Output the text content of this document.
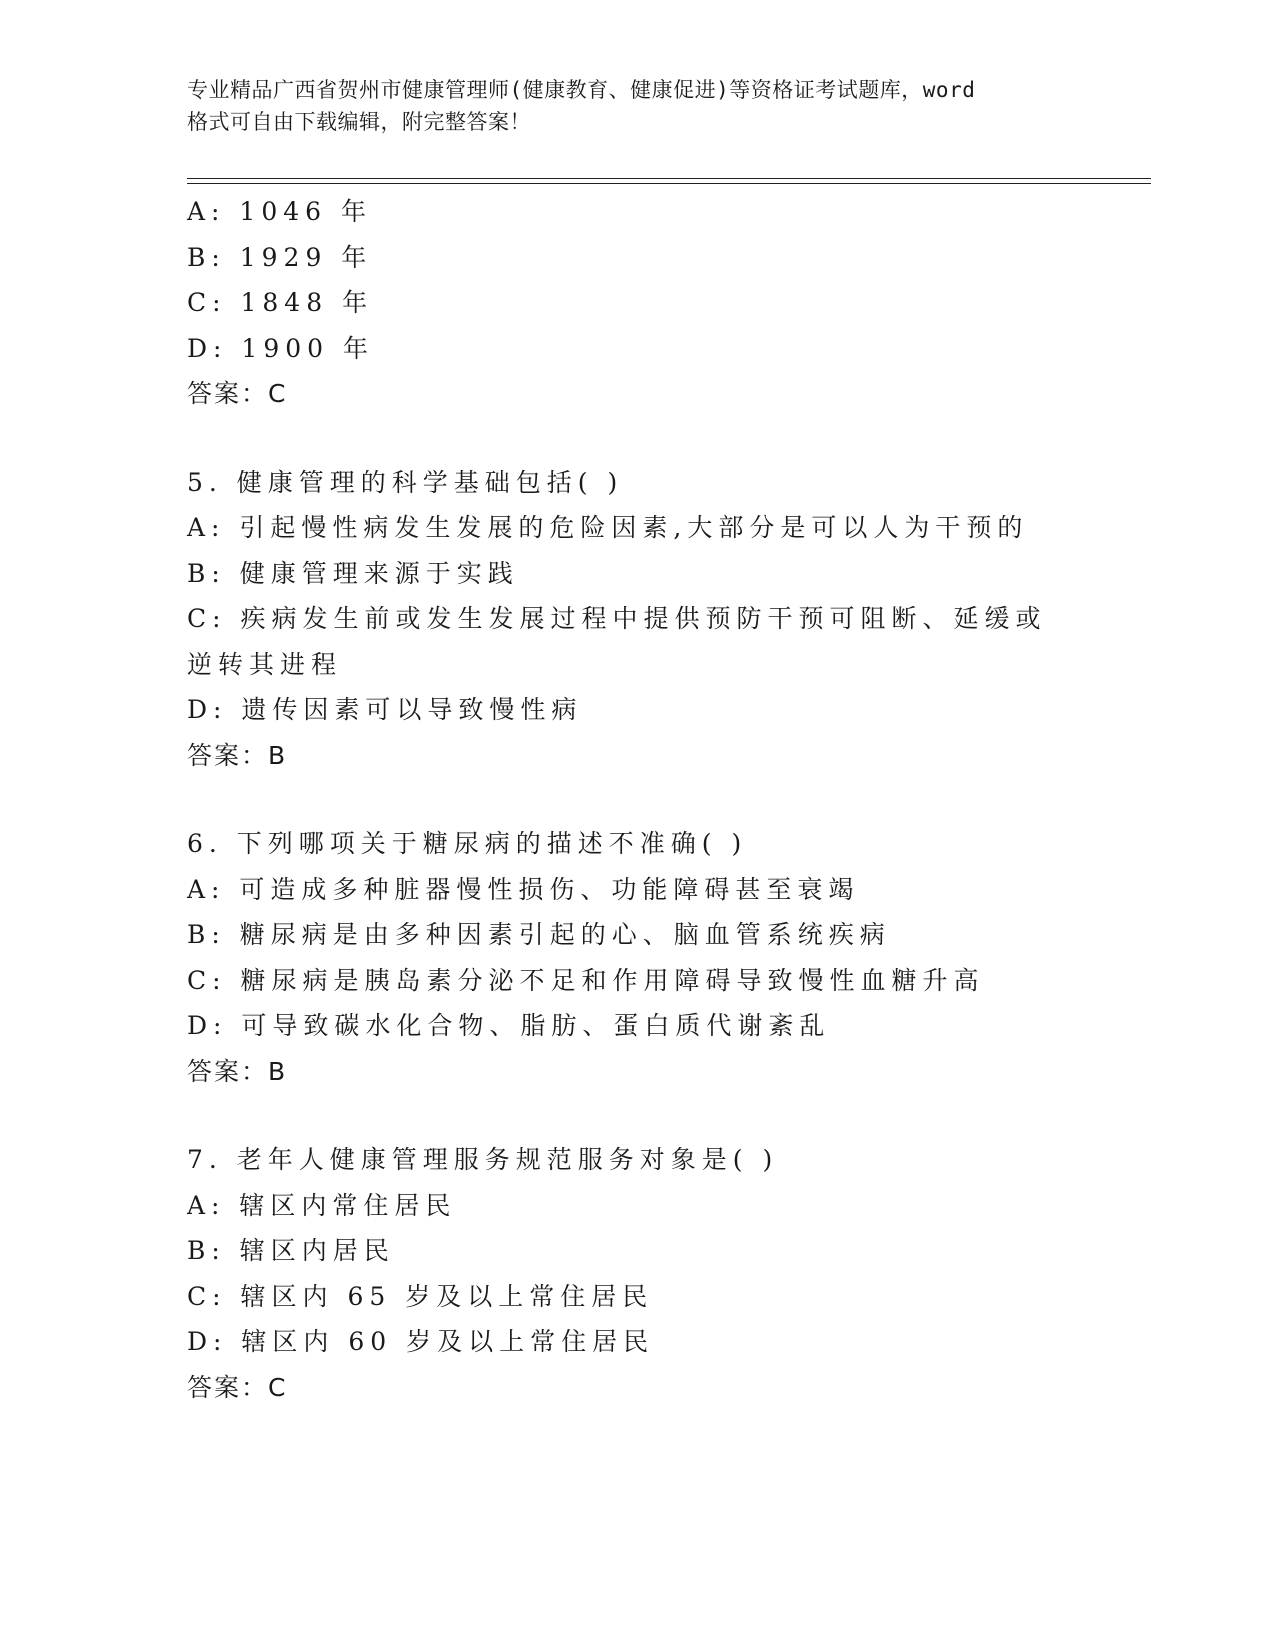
专业精品广西省贺州市健康管理师(健康教育、健康促进)等资格证考试题库，word
格式可自由下载编辑，附完整答案！
A: 1046 年
B: 1929 年
C: 1848 年
D: 1900 年
答案：C
5. 健康管理的科学基础包括( )
A: 引起慢性病发生发展的危险因素,大部分是可以人为干预的
B: 健康管理来源于实践
C: 疾病发生前或发生发展过程中提供预防干预可阻断、延缓或逆转其进程
D: 遗传因素可以导致慢性病
答案：B
6. 下列哪项关于糖尿病的描述不准确( )
A: 可造成多种脏器慢性损伤、功能障碍甚至衰竭
B: 糖尿病是由多种因素引起的心、脑血管系统疾病
C: 糖尿病是胰岛素分泌不足和作用障碍导致慢性血糖升高
D: 可导致碳水化合物、脂肪、蛋白质代谢紊乱
答案：B
7. 老年人健康管理服务规范服务对象是( )
A: 辖区内常住居民
B: 辖区内居民
C: 辖区内 65 岁及以上常住居民
D: 辖区内 60 岁及以上常住居民
答案：C
